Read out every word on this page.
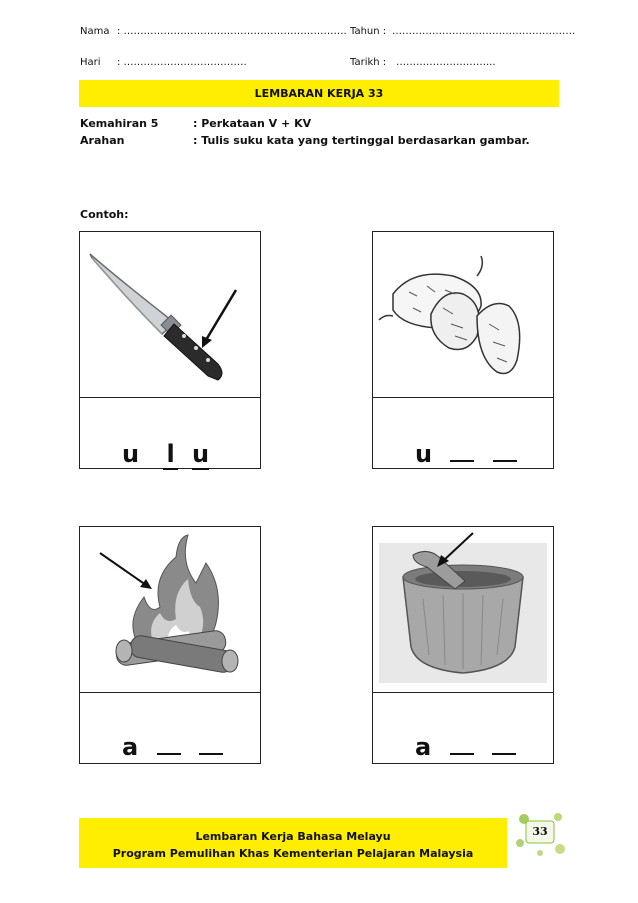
Nama : …………………………………………………………. Tahun : ……………………………………………….
Hari : ……………………………….	Tarikh : ………………………...
LEMBARAN KERJA 33
Kemahiran 5	: Perkataan V + KV
Arahan	: Tulis suku kata yang tertinggal berdasarkan gambar.
Contoh:
u l u	u
a	a
Lembaran Kerja Bahasa Melayu
Program Pemulihan Khas Kementerian Pelajaran Malaysia
33
